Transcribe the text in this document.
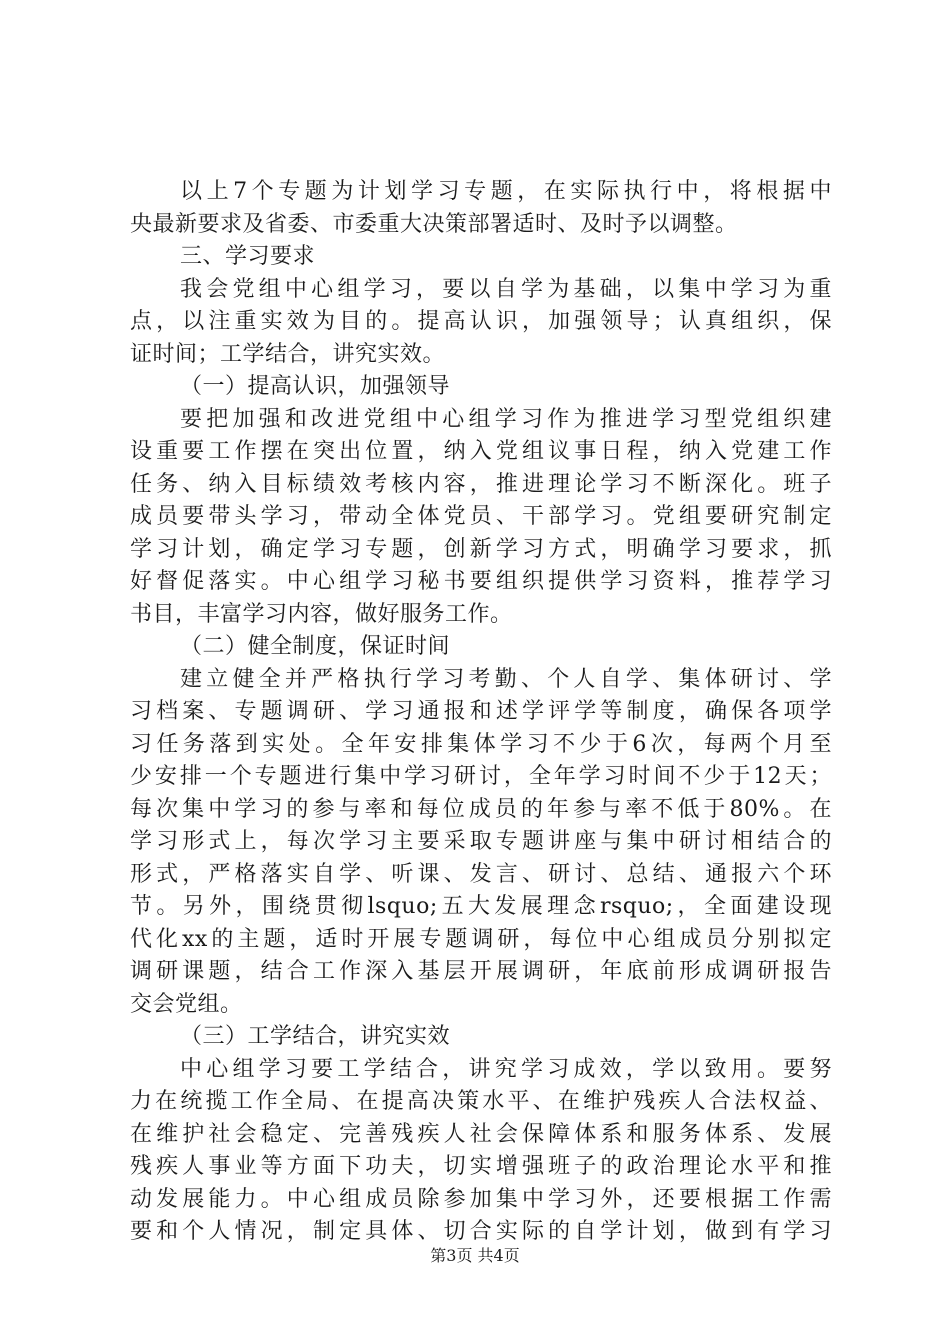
以上7个专题为计划学习专题，在实际执行中，将根据中
央最新要求及省委、市委重大决策部署适时、及时予以调整。
三、学习要求
我会党组中心组学习，要以自学为基础，以集中学习为重
点，以注重实效为目的。提高认识，加强领导；认真组织，保
证时间；工学结合，讲究实效。
（一）提高认识，加强领导
要把加强和改进党组中心组学习作为推进学习型党组织建
设重要工作摆在突出位置，纳入党组议事日程，纳入党建工作
任务、纳入目标绩效考核内容，推进理论学习不断深化。班子
成员要带头学习，带动全体党员、干部学习。党组要研究制定
学习计划，确定学习专题，创新学习方式，明确学习要求，抓
好督促落实。中心组学习秘书要组织提供学习资料，推荐学习
书目，丰富学习内容，做好服务工作。
（二）健全制度，保证时间
建立健全并严格执行学习考勤、个人自学、集体研讨、学
习档案、专题调研、学习通报和述学评学等制度，确保各项学
习任务落到实处。全年安排集体学习不少于6次，每两个月至
少安排一个专题进行集中学习研讨，全年学习时间不少于12天；
每次集中学习的参与率和每位成员的年参与率不低于80%。在
学习形式上，每次学习主要采取专题讲座与集中研讨相结合的
形式，严格落实自学、听课、发言、研讨、总结、通报六个环
节。另外，围绕贯彻lsquo;五大发展理念rsquo;，全面建设现
代化xx的主题，适时开展专题调研，每位中心组成员分别拟定
调研课题，结合工作深入基层开展调研，年底前形成调研报告
交会党组。
（三）工学结合，讲究实效
中心组学习要工学结合，讲究学习成效，学以致用。要努
力在统揽工作全局、在提高决策水平、在维护残疾人合法权益、
在维护社会稳定、完善残疾人社会保障体系和服务体系、发展
残疾人事业等方面下功夫，切实增强班子的政治理论水平和推
动发展能力。中心组成员除参加集中学习外，还要根据工作需
要和个人情况，制定具体、切合实际的自学计划，做到有学习
第3页 共4页
